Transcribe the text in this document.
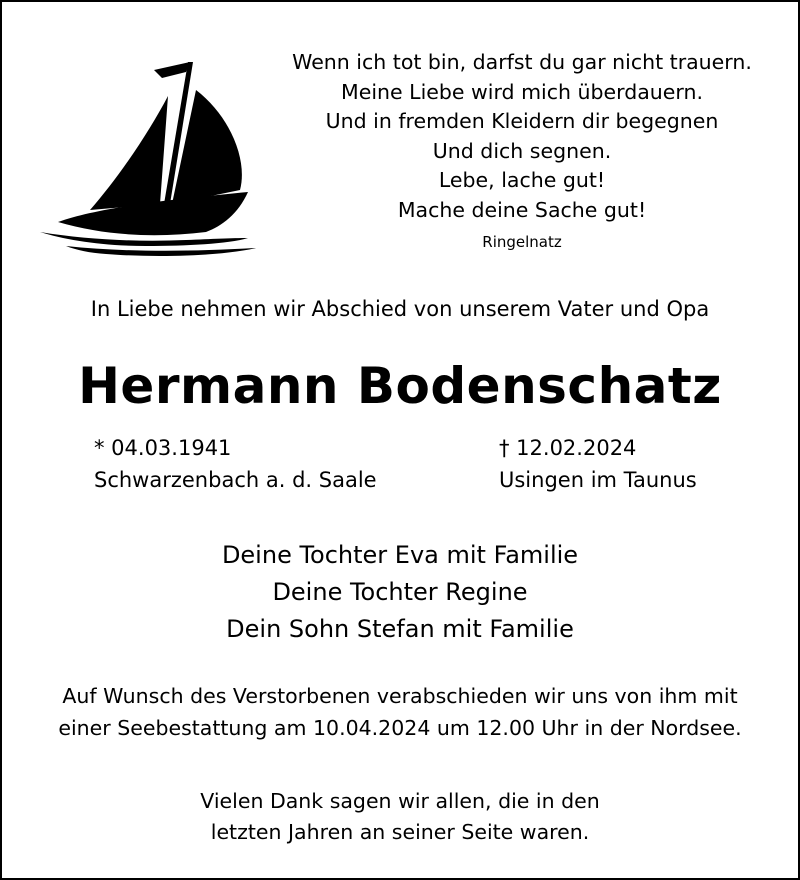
Wenn ich tot bin, darfst du gar nicht trauern.
Meine Liebe wird mich überdauern.
Und in fremden Kleidern dir begegnen
Und dich segnen.
Lebe, lache gut!
Mache deine Sache gut!
Ringelnatz
In Liebe nehmen wir Abschied von unserem Vater und Opa
Hermann Bodenschatz
* 04.03.1941
Schwarzenbach a. d. Saale
† 12.02.2024
Usingen im Taunus
Deine Tochter Eva mit Familie
Deine Tochter Regine
Dein Sohn Stefan mit Familie
Auf Wunsch des Verstorbenen verabschieden wir uns von ihm mit
einer Seebestattung am 10.04.2024 um 12.00 Uhr in der Nordsee.
Vielen Dank sagen wir allen, die in den
letzten Jahren an seiner Seite waren.
